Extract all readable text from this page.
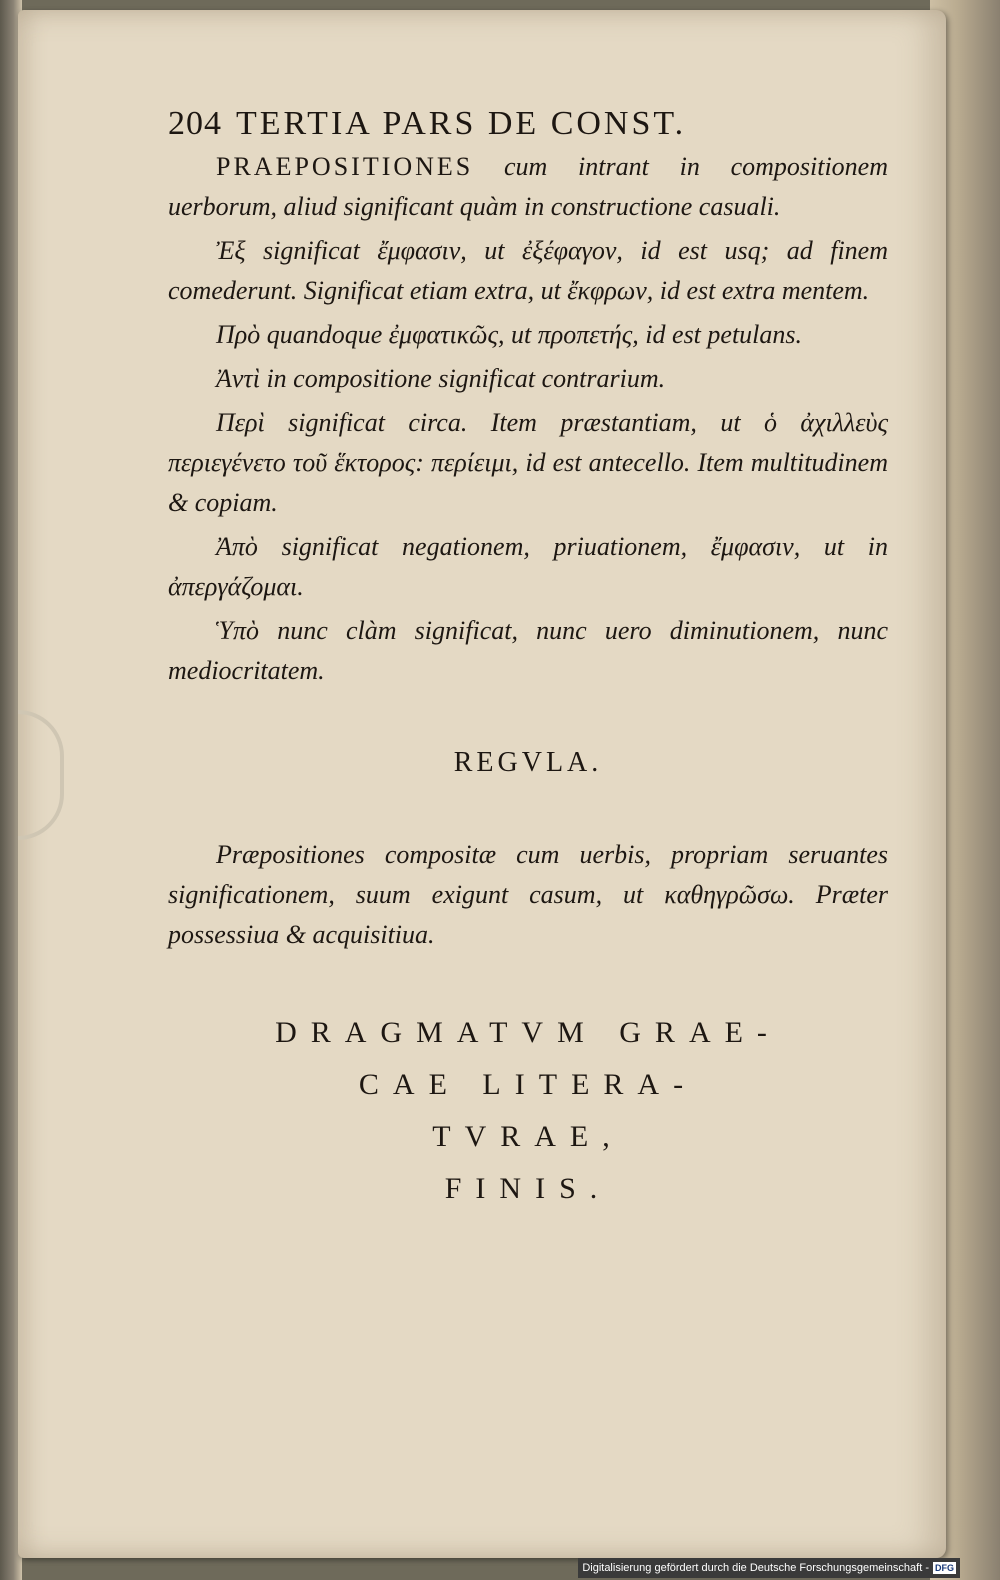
204 TERTIA PARS DE CONST.

PRAEPOSITIONES cum intrant in compositionem uerborum, aliud significant quàm in constructione casuali.

Ἐξ significat ἔμφασιν, ut ἐξέφαγον, id est usq; ad finem comederunt. Significat etiam extra, ut ἔκφρων, id est extra mentem.

Πρὸ quandoque ἐμφατικῶς, ut προπετής, id est petulans.

Ἀντὶ in compositione significat contrarium.

Περὶ significat circa. Item præstantiam, ut ὁ ἀχιλλεὺς περιεγένετο τοῦ ἕκτορος: περίειμι, id est antecello. Item multitudinem & copiam.

Ἀπὸ significat negationem, priuationem, ἔμφασιν, ut in ἀπεργάζομαι.

Ὑπὸ nunc clàm significat, nunc uero diminutionem, nunc mediocritatem.

REGVLA.

Præpositiones compositæ cum uerbis, propriam seruantes significationem, suum exigunt casum, ut καθηγρῶσω. Præter possessiua & acquisitiua.

DRAGMATVM GRAE-
CAE LITERA-
TVRAE,
FINIS.
Digitalisierung gefördert durch die Deutsche Forschungsgemeinschaft - DFG
